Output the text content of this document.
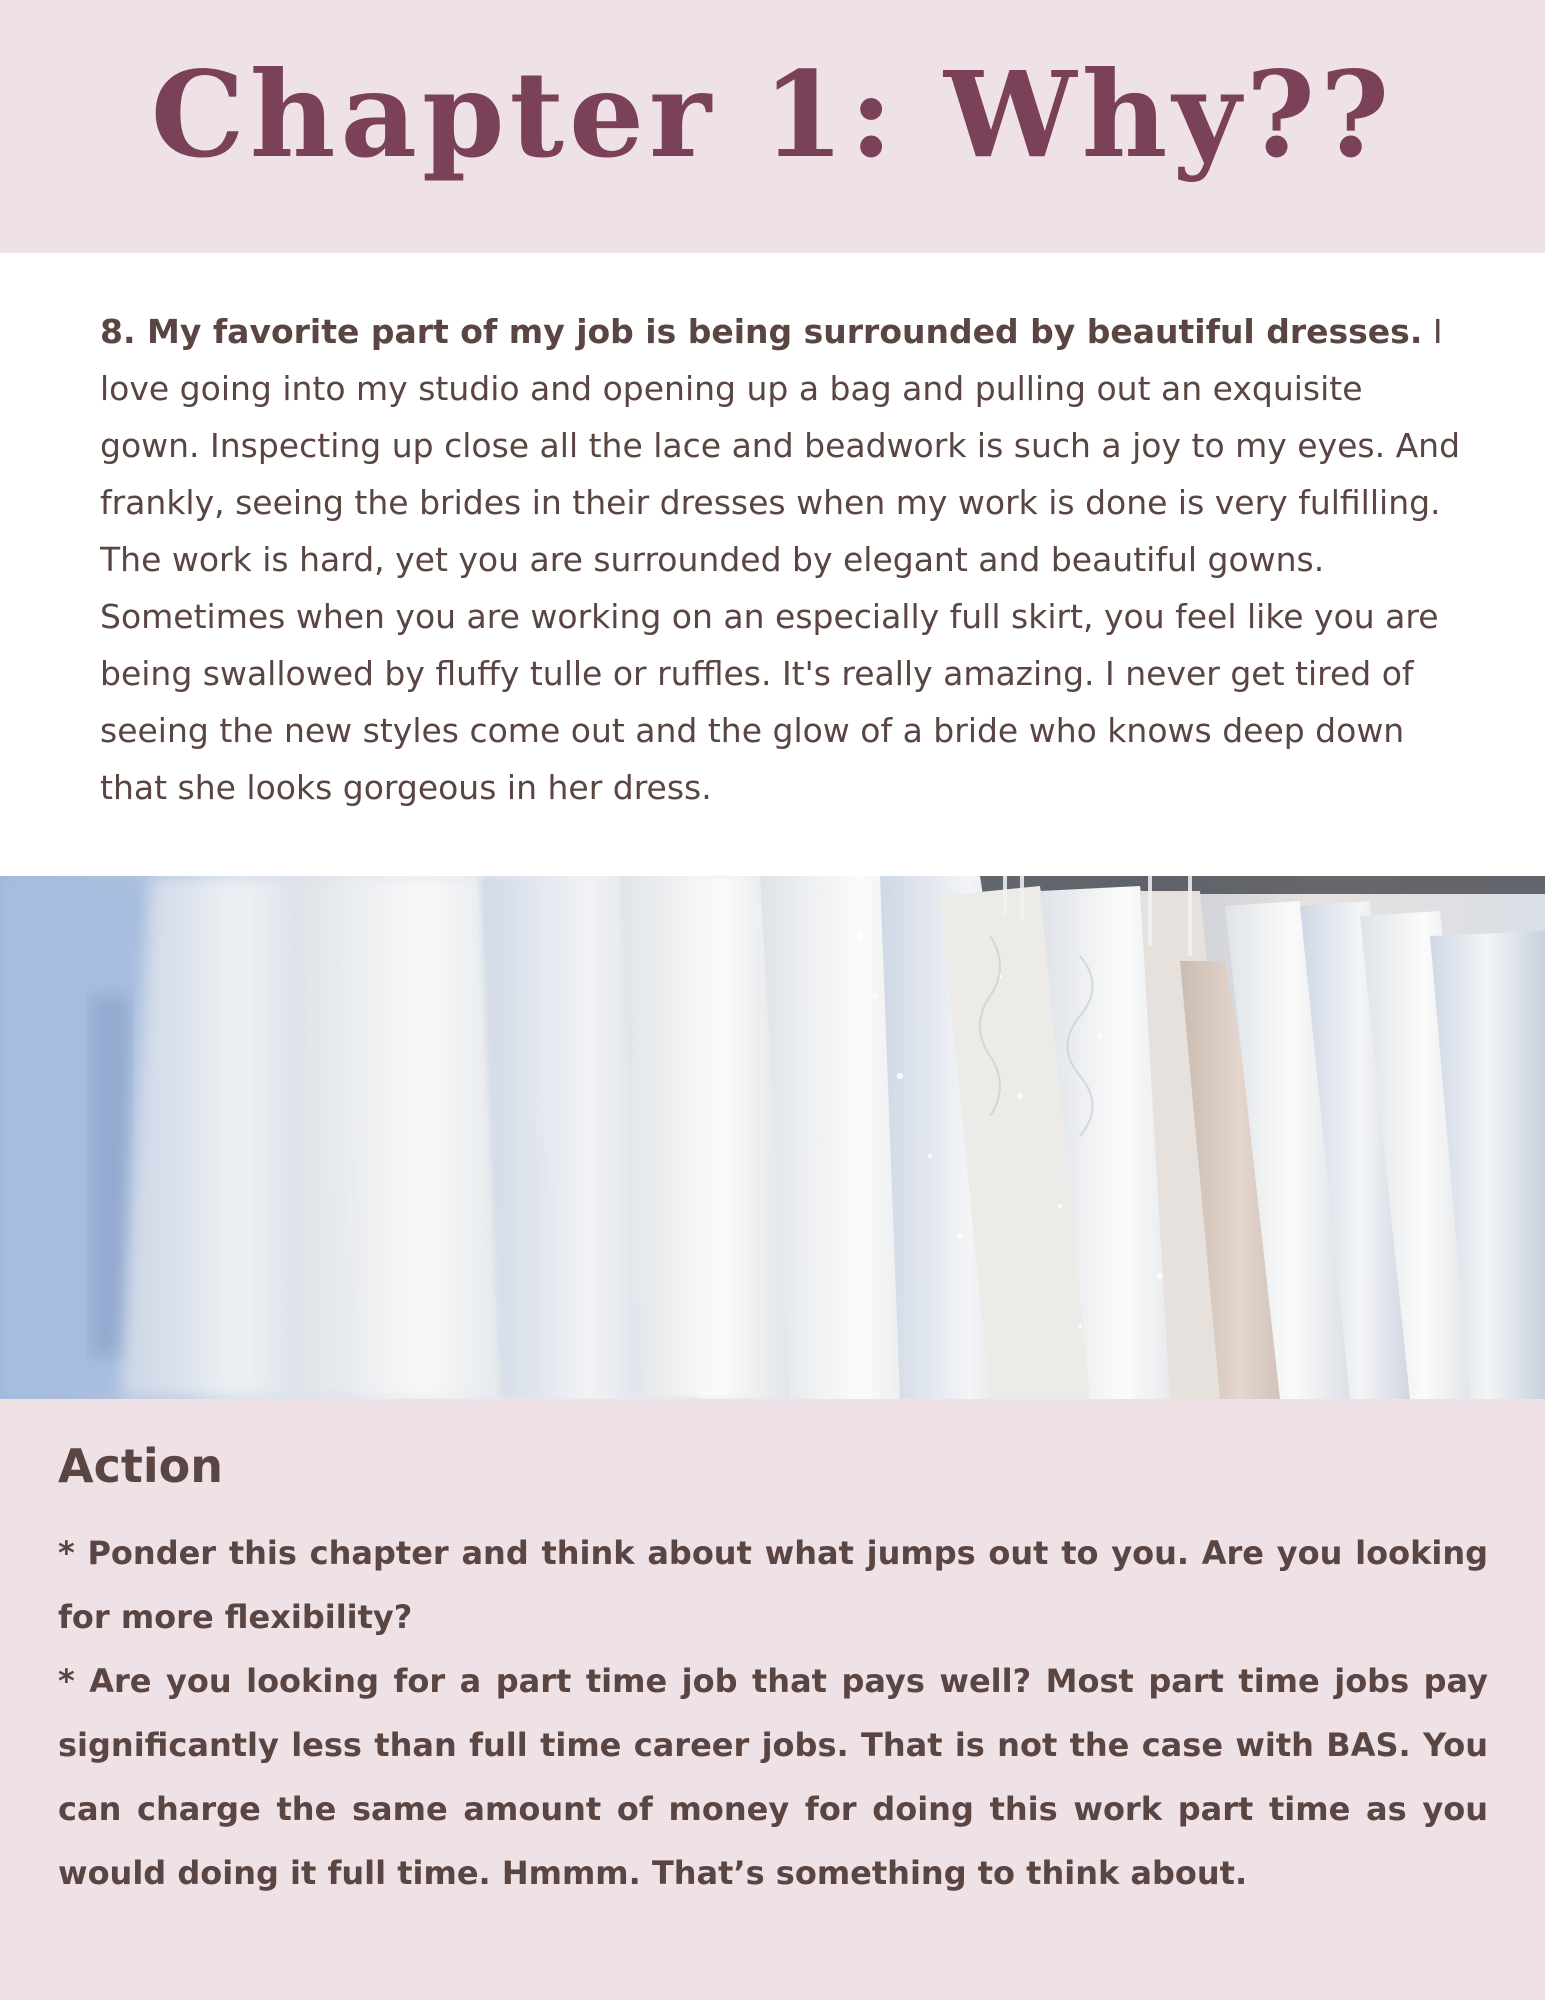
Chapter 1: Why??

8. My favorite part of my job is being surrounded by beautiful dresses. I love going into my studio and opening up a bag and pulling out an exquisite gown. Inspecting up close all the lace and beadwork is such a joy to my eyes. And frankly, seeing the brides in their dresses when my work is done is very fulfilling. The work is hard, yet you are surrounded by elegant and beautiful gowns. Sometimes when you are working on an especially full skirt, you feel like you are being swallowed by fluffy tulle or ruffles. It's really amazing. I never get tired of seeing the new styles come out and the glow of a bride who knows deep down that she looks gorgeous in her dress.

Action
* Ponder this chapter and think about what jumps out to you. Are you looking for more flexibility?
* Are you looking for a part time job that pays well? Most part time jobs pay significantly less than full time career jobs. That is not the case with BAS. You can charge the same amount of money for doing this work part time as you would doing it full time. Hmmm. That’s something to think about.
